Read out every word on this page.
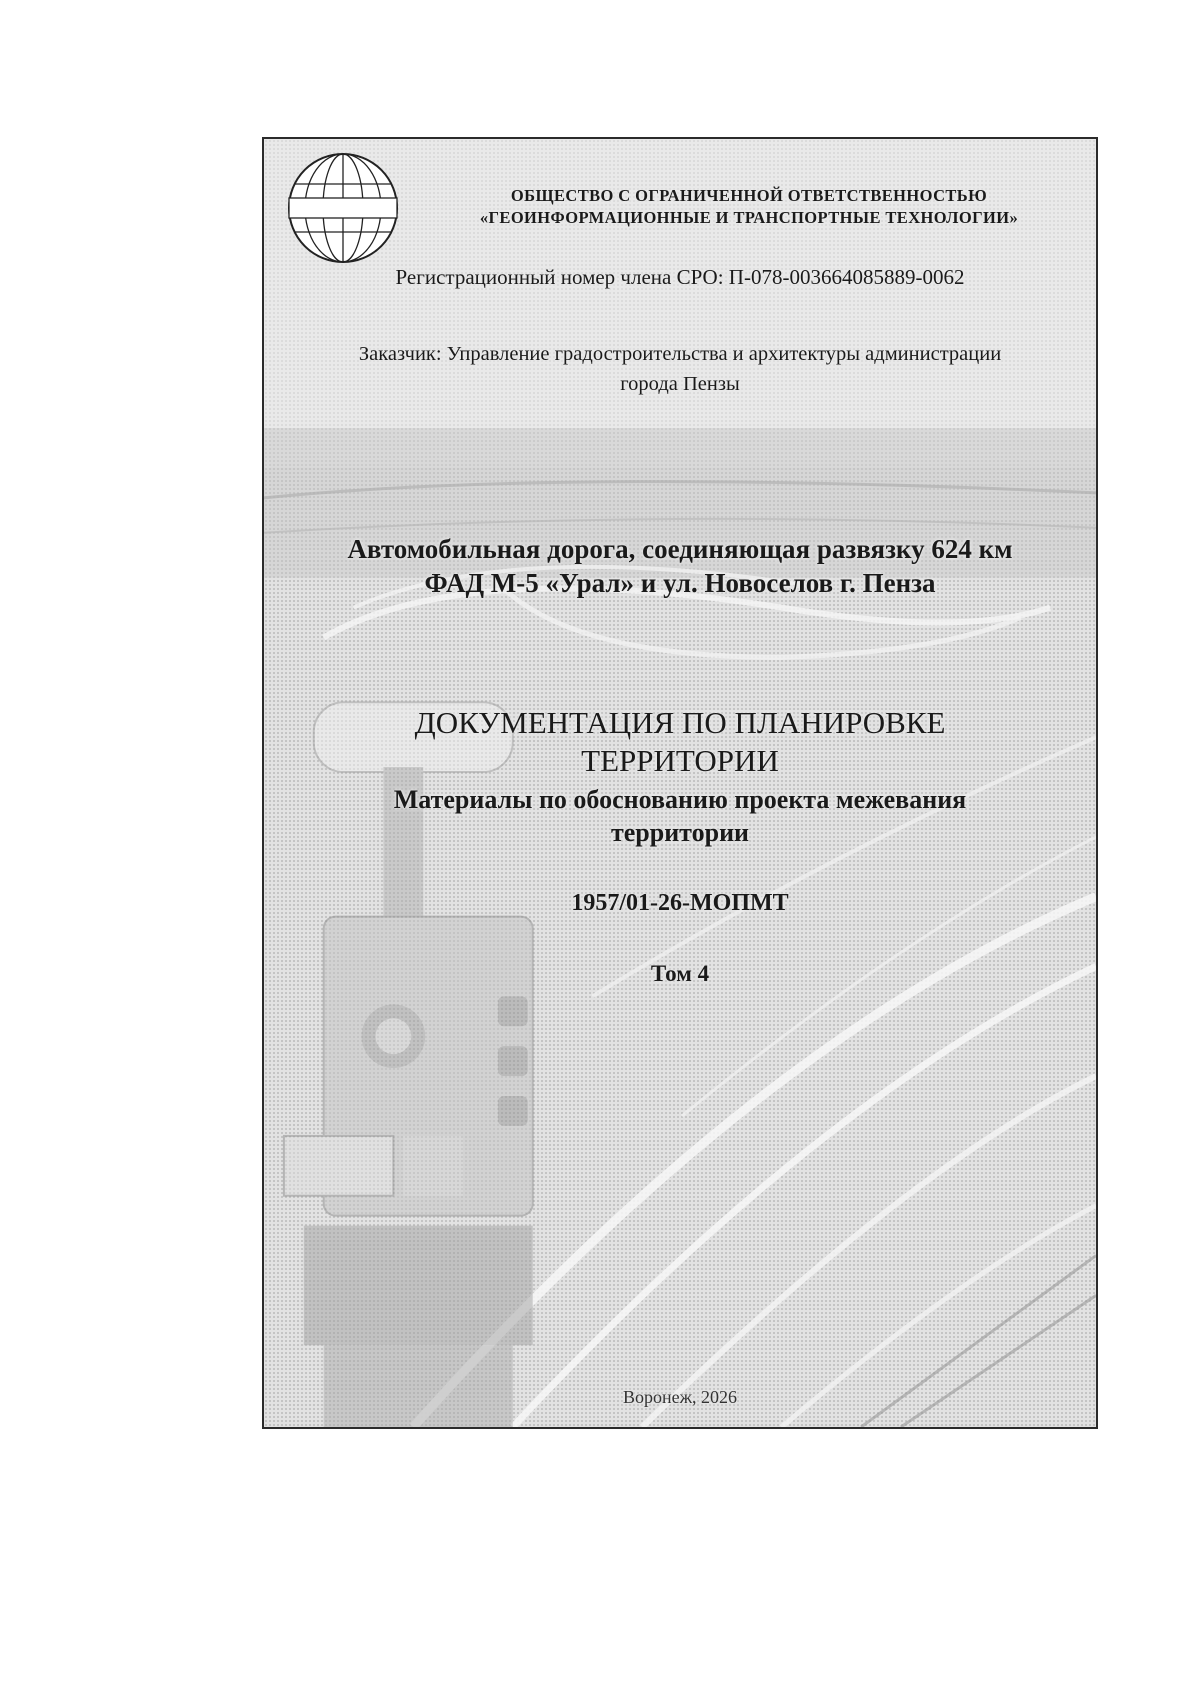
ОБЩЕСТВО С ОГРАНИЧЕННОЙ ОТВЕТСТВЕННОСТЬЮ
«ГЕОИНФОРМАЦИОННЫЕ И ТРАНСПОРТНЫЕ ТЕХНОЛОГИИ»
Регистрационный номер члена СРО: П-078-003664085889-0062
Заказчик: Управление градостроительства и архитектуры администрации
города Пензы
Автомобильная дорога, соединяющая развязку 624 км
ФАД М-5 «Урал» и ул. Новоселов г. Пенза
ДОКУМЕНТАЦИЯ ПО ПЛАНИРОВКЕ
ТЕРРИТОРИИ
Материалы по обоснованию проекта межевания
территории
1957/01-26-МОПМТ
Том 4
Воронеж, 2026
